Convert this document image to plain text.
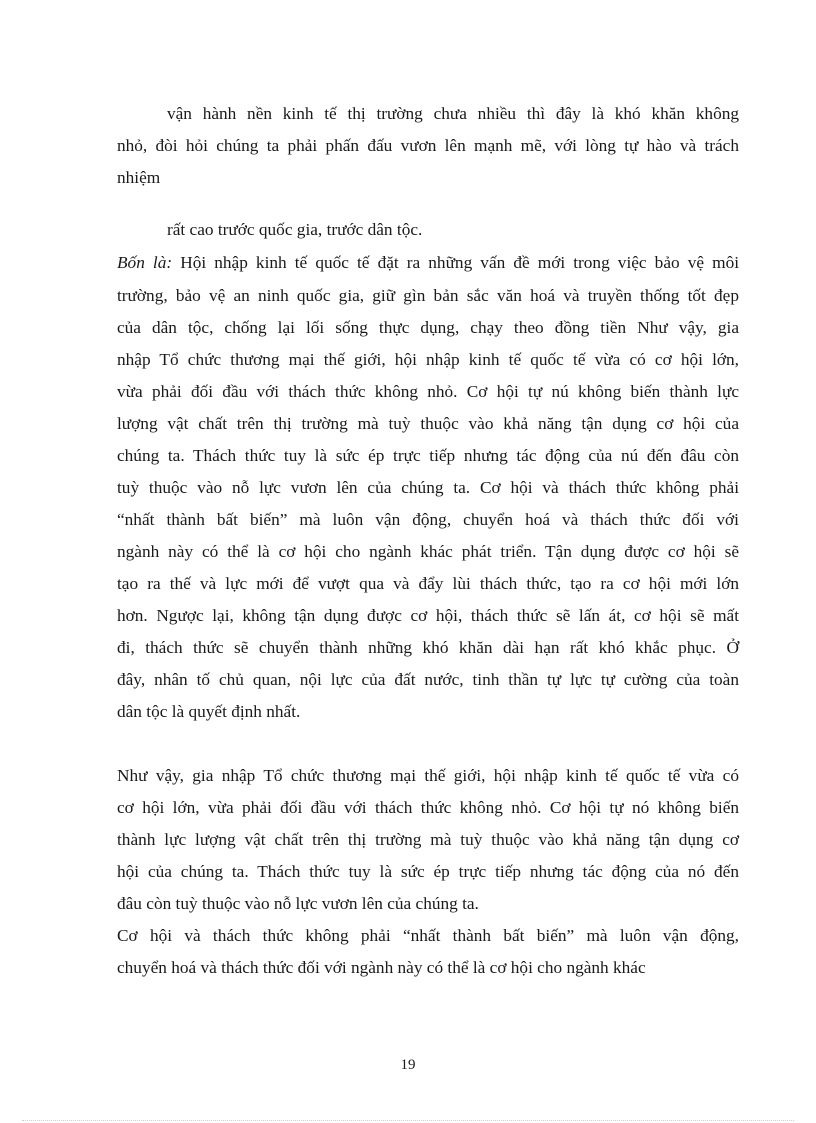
vận hành nền kinh tế thị trường chưa nhiều thì đây là khó khăn không

nhỏ, đòi hỏi chúng ta phải phấn đấu vươn lên mạnh mẽ, với lòng tự hào và trách

nhiệm

rất cao trước quốc gia, trước dân tộc.

Bốn là: Hội nhập kinh tế quốc tế đặt ra những vấn đề mới trong việc bảo vệ môi

trường, bảo vệ an ninh quốc gia, giữ gìn bản sắc văn hoá và truyền thống tốt đẹp

của dân tộc, chống lại lối sống thực dụng, chạy theo đồng tiền Như vậy, gia

nhập Tổ chức thương mại thế giới, hội nhập kinh tế quốc tế vừa có cơ hội lớn,

vừa phải đối đầu với thách thức không nhỏ. Cơ hội tự nú không biến thành lực

lượng vật chất trên thị trường mà tuỳ thuộc vào khả năng tận dụng cơ hội của

chúng ta. Thách thức tuy là sức ép trực tiếp nhưng tác động của nú đến đâu còn

tuỳ thuộc vào nỗ lực vươn lên của chúng ta. Cơ hội và thách thức không phải

“nhất thành bất biến” mà luôn vận động, chuyển hoá và thách thức đối với

ngành này có thể là cơ hội cho ngành khác phát triển. Tận dụng được cơ hội sẽ

tạo ra thế và lực mới để vượt qua và đẩy lùi thách thức, tạo ra cơ hội mới lớn

hơn. Ngược lại, không tận dụng được cơ hội, thách thức sẽ lấn át, cơ hội sẽ mất

đi, thách thức sẽ chuyển thành những khó khăn dài hạn rất khó khắc phục. Ở

đây, nhân tố chủ quan, nội lực của đất nước, tinh thần tự lực tự cường của toàn

dân tộc là quyết định nhất.

Như vậy, gia nhập Tổ chức thương mại thế giới, hội nhập kinh tế quốc tế vừa có

cơ hội lớn, vừa phải đối đầu với thách thức không nhỏ. Cơ hội tự nó không biến

thành lực lượng vật chất trên thị trường mà tuỳ thuộc vào khả năng tận dụng cơ

hội của chúng ta. Thách thức tuy là sức ép trực tiếp nhưng tác động của nó đến

đâu còn tuỳ thuộc vào nỗ lực vươn lên của chúng ta.

Cơ hội và thách thức không phải “nhất thành bất biến” mà luôn vận động,

chuyển hoá và thách thức đối với ngành này có thể là cơ hội cho ngành khác

19
